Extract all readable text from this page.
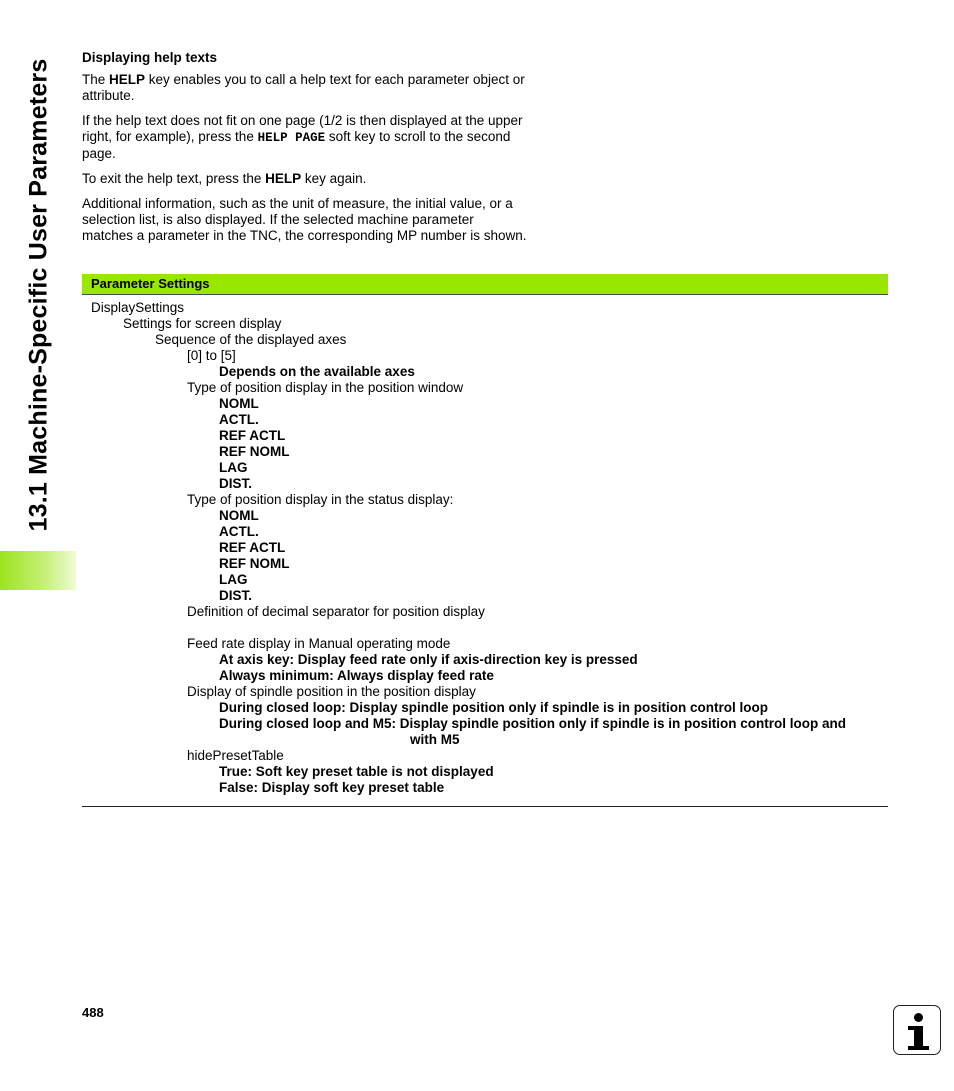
13.1 Machine-Specific User Parameters
Displaying help texts

The HELP key enables you to call a help text for each parameter object or attribute.

If the help text does not fit on one page (1/2 is then displayed at the upper right, for example), press the HELP PAGE soft key to scroll to the second page.

To exit the help text, press the HELP key again.

Additional information, such as the unit of measure, the initial value, or a selection list, is also displayed. If the selected machine parameter matches a parameter in the TNC, the corresponding MP number is shown.

Parameter Settings
DisplaySettings
Settings for screen display
Sequence of the displayed axes
[0] to [5]
Depends on the available axes
Type of position display in the position window
NOML
ACTL.
REF ACTL
REF NOML
LAG
DIST.
Type of position display in the status display:
NOML
ACTL.
REF ACTL
REF NOML
LAG
DIST.
Definition of decimal separator for position display
Feed rate display in Manual operating mode
At axis key: Display feed rate only if axis-direction key is pressed
Always minimum: Always display feed rate
Display of spindle position in the position display
During closed loop: Display spindle position only if spindle is in position control loop
During closed loop and M5: Display spindle position only if spindle is in position control loop and
with M5
hidePresetTable
True: Soft key preset table is not displayed
False: Display soft key preset table
488
